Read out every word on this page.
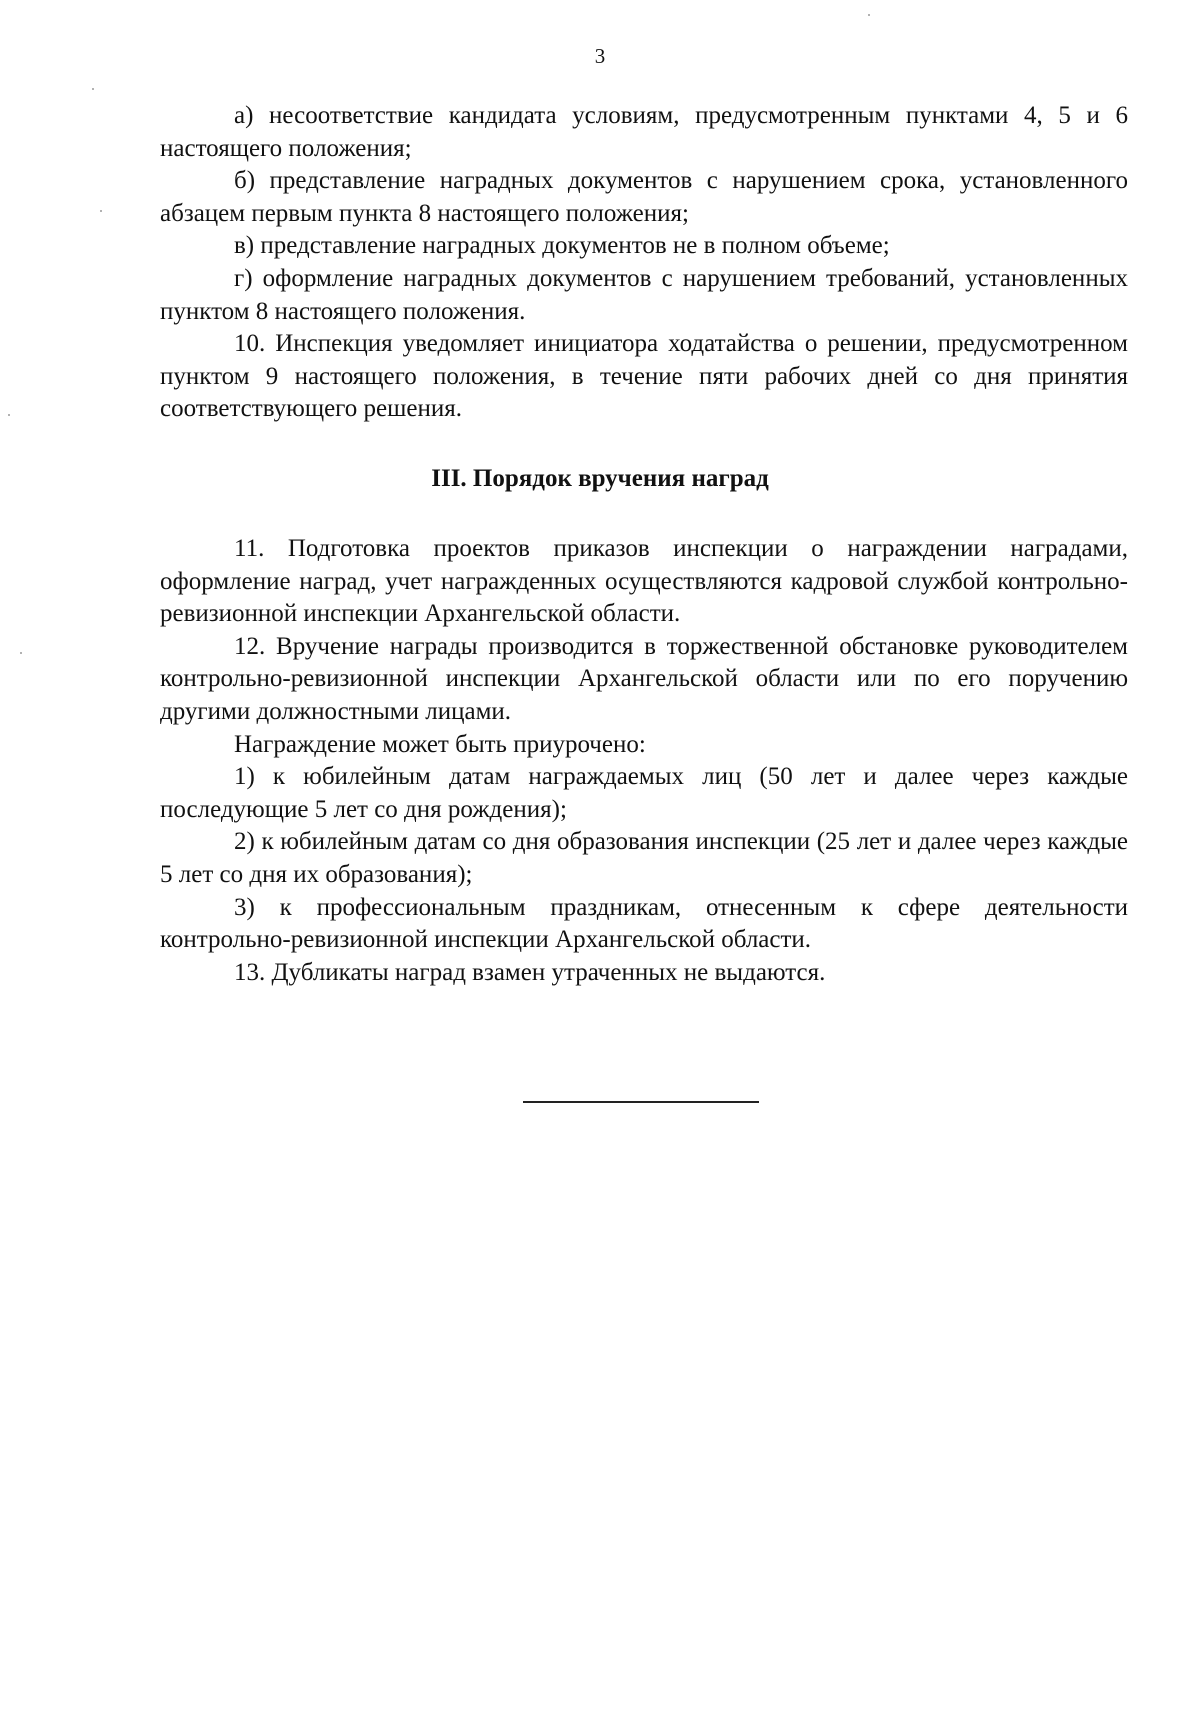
3

а) несоответствие кандидата условиям, предусмотренным пунктами 4, 5 и 6 настоящего положения;

б) представление наградных документов с нарушением срока, установленного абзацем первым пункта 8 настоящего положения;

в) представление наградных документов не в полном объеме;

г) оформление наградных документов с нарушением требований, установленных пунктом 8 настоящего положения.

10. Инспекция уведомляет инициатора ходатайства о решении, предусмотренном пунктом 9 настоящего положения, в течение пяти рабочих дней со дня принятия соответствующего решения.

III. Порядок вручения наград

11. Подготовка проектов приказов инспекции о награждении наградами, оформление наград, учет награжденных осуществляются кадровой службой контрольно-ревизионной инспекции Архангельской области.

12. Вручение награды производится в торжественной обстановке руководителем контрольно-ревизионной инспекции Архангельской области или по его поручению другими должностными лицами.

Награждение может быть приурочено:

1) к юбилейным датам награждаемых лиц (50 лет и далее через каждые последующие 5 лет со дня рождения);

2) к юбилейным датам со дня образования инспекции (25 лет и далее через каждые 5 лет со дня их образования);

3) к профессиональным праздникам, отнесенным к сфере деятельности контрольно-ревизионной инспекции Архангельской области.

13. Дубликаты наград взамен утраченных не выдаются.
